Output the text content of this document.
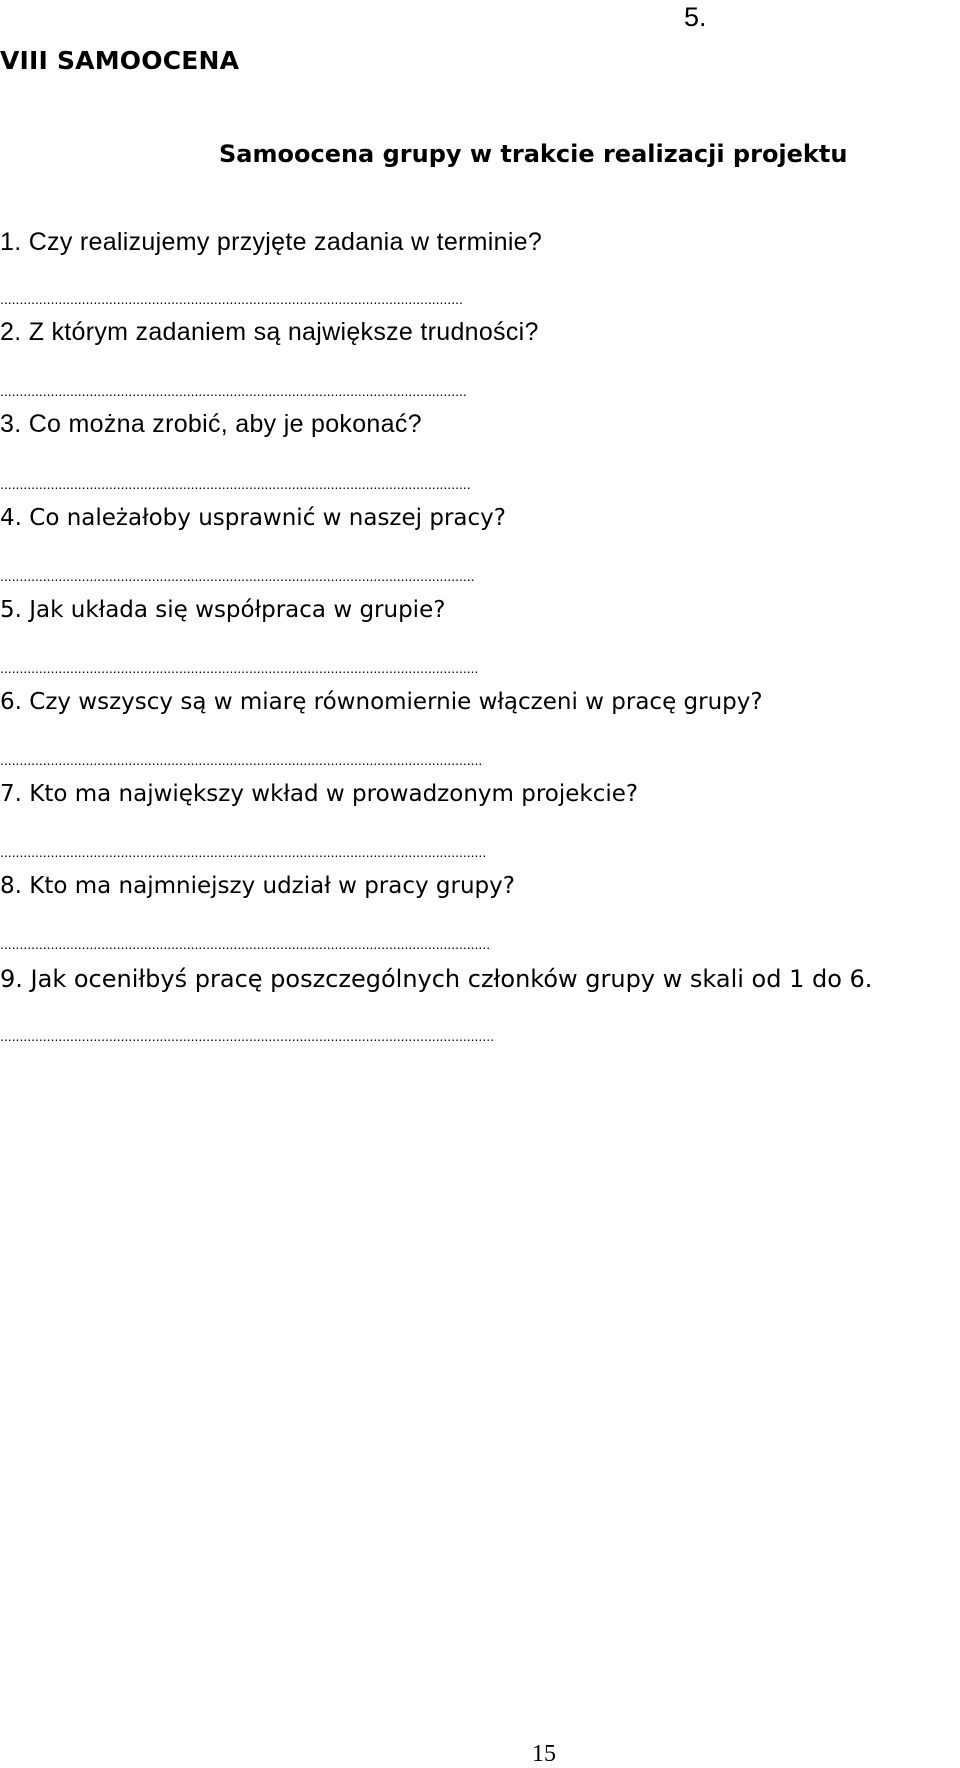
5.
VIII SAMOOCENA
Samoocena grupy w trakcie realizacji projektu
1. Czy realizujemy przyjęte zadania w terminie?
.......................................................................................................................
2. Z którym zadaniem są największe trudności?
........................................................................................................................
3. Co można zrobić, aby je pokonać?
.........................................................................................................................
4. Co należałoby usprawnić w naszej pracy?
..........................................................................................................................
5. Jak układa się współpraca w grupie?
...........................................................................................................................
6. Czy wszyscy są w miarę równomiernie włączeni w pracę grupy?
............................................................................................................................
7. Kto ma największy wkład w prowadzonym projekcie?
.............................................................................................................................
8. Kto ma najmniejszy udział w pracy grupy?
..............................................................................................................................
9. Jak oceniłbyś pracę poszczególnych członków grupy w skali od 1 do 6.
...............................................................................................................................
15
